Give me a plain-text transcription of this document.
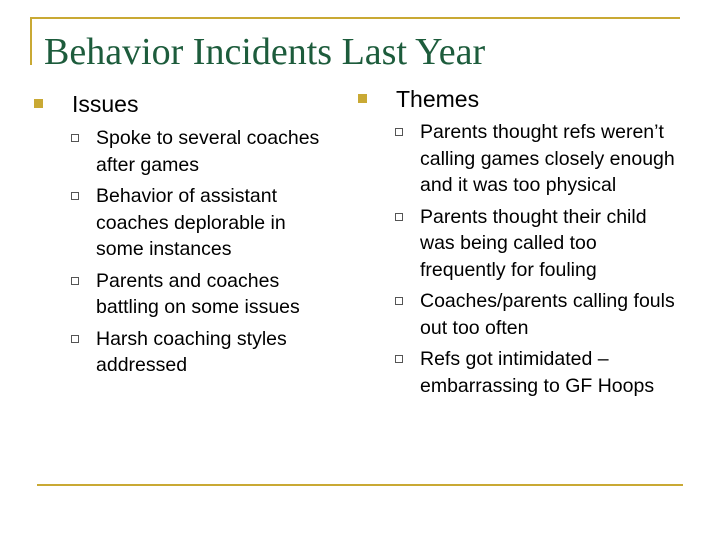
Behavior Incidents Last Year
Issues
Spoke to several coaches after games
Behavior of assistant coaches deplorable in some instances
Parents and coaches battling on some issues
Harsh coaching styles addressed
Themes
Parents thought refs weren’t calling games closely enough and it was too physical
Parents thought their child was being called too frequently for fouling
Coaches/parents calling fouls out too often
Refs got intimidated – embarrassing to GF Hoops
